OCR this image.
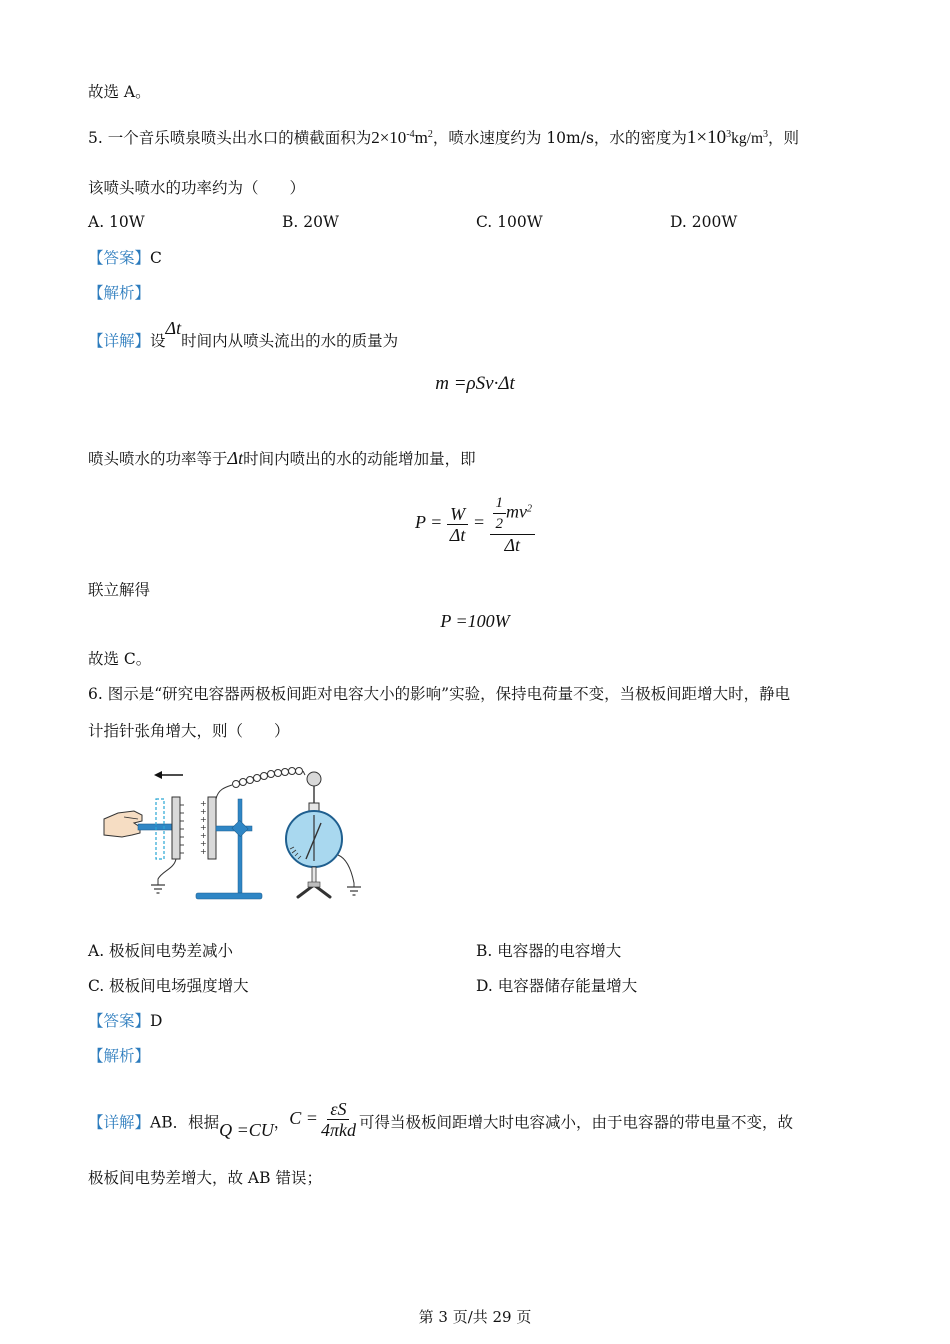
故选 A。
5. 一个音乐喷泉喷头出水口的横截面积为$2\times 10^{-4}m^2$，喷水速度约为 10m/s，水的密度为$1\times 10^3kg/m^3$，则
该喷头喷水的功率约为（　　）
A. 10W	B. 20W	C. 100W	D. 200W
【答案】C
【解析】
【详解】设Δt时间内从喷头流出的水的质量为
m =ρSv·Δt
喷头喷水的功率等于Δt时间内喷出的水的动能增加量，即
$P = \frac{W}{\Delta t} = \frac{\frac{1}{2} mv^2}{\Delta t}$
联立解得
P =100W
故选 C。
6. 图示是“研究电容器两极板间距对电容大小的影响”实验，保持电荷量不变，当极板间距增大时，静电
计指针张角增大，则（　　）
+
+
+
+
+
+
+
A. 极板间电势差减小	B. 电容器的电容增大
C. 极板间电场强度增大	D. 电容器储存能量增大
【答案】D
【解析】
【详解】AB．根据Q =CU，$C = \frac{\varepsilon S}{\text{4πkd}}$ 可得当极板间距增大时电容减小，由于电容器的带电量不变，故
极板间电势差增大，故 AB 错误；
第 3 页/共 29 页
